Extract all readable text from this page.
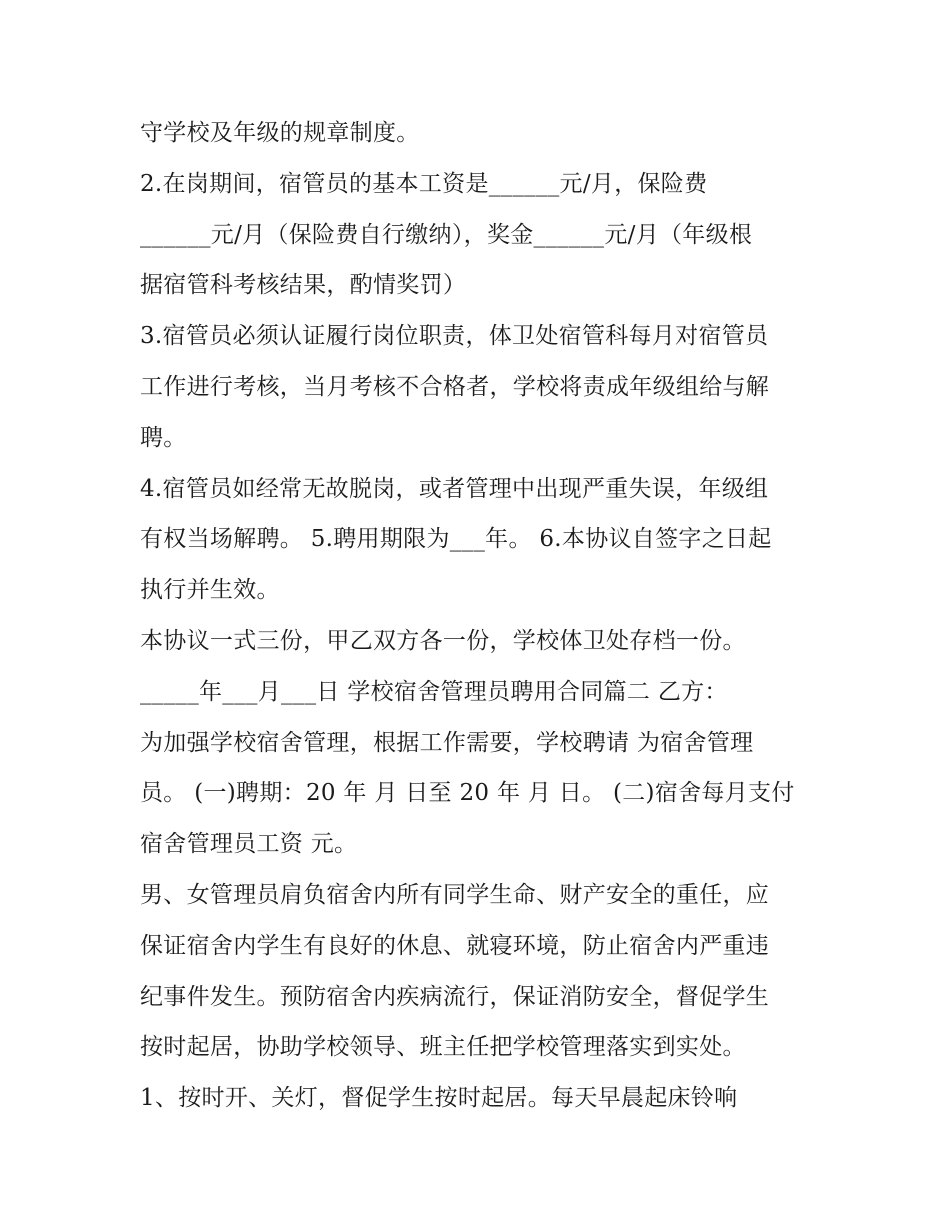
守学校及年级的规章制度。
2.在岗期间，宿管员的基本工资是______元/月，保险费
______元/月（保险费自行缴纳），奖金______元/月（年级根
据宿管科考核结果，酌情奖罚）
3.宿管员必须认证履行岗位职责，体卫处宿管科每月对宿管员
工作进行考核，当月考核不合格者，学校将责成年级组给与解
聘。
4.宿管员如经常无故脱岗，或者管理中出现严重失误，年级组
有权当场解聘。 5.聘用期限为___年。 6.本协议自签字之日起
执行并生效。
本协议一式三份，甲乙双方各一份，学校体卫处存档一份。
_____年___月___日 学校宿舍管理员聘用合同篇二 乙方：
为加强学校宿舍管理，根据工作需要，学校聘请 为宿舍管理
员。 (一)聘期：20 年 月 日至 20 年 月 日。 (二)宿舍每月支付
宿舍管理员工资 元。
男、女管理员肩负宿舍内所有同学生命、财产安全的重任，应
保证宿舍内学生有良好的休息、就寝环境，防止宿舍内严重违
纪事件发生。预防宿舍内疾病流行，保证消防安全，督促学生
按时起居，协助学校领导、班主任把学校管理落实到实处。
1、按时开、关灯，督促学生按时起居。每天早晨起床铃响
